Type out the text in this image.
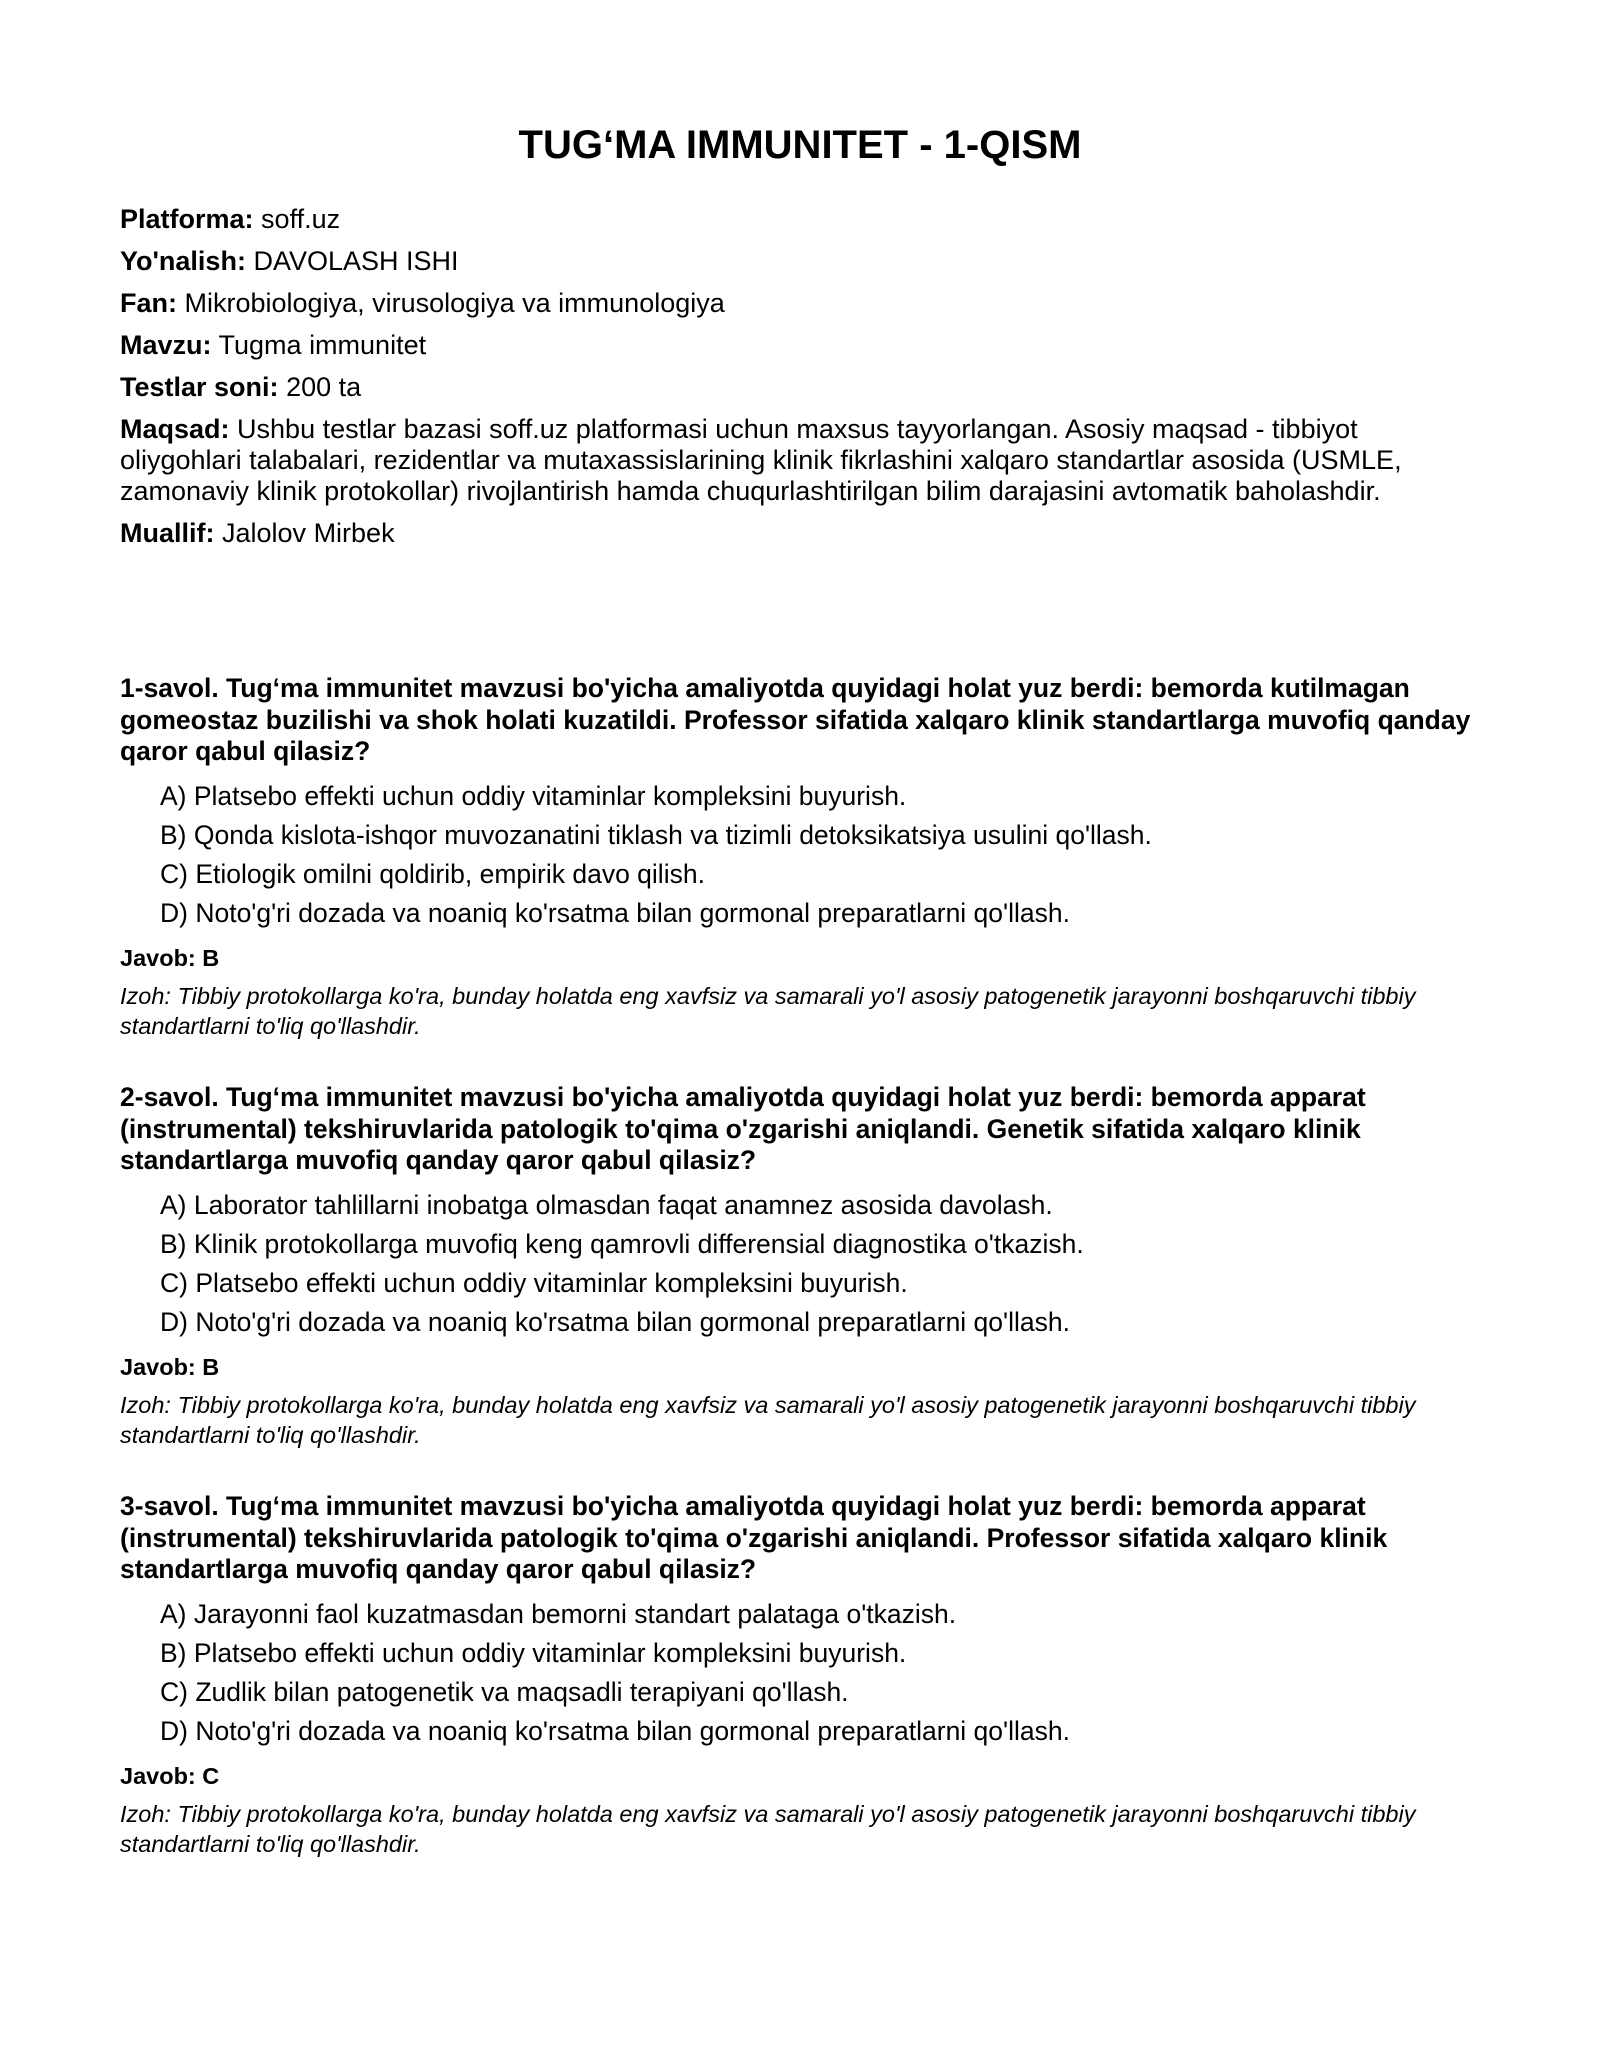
TUG‘MA IMMUNITET - 1-QISM

Platforma: soff.uz

Yo'nalish: DAVOLASH ISHI

Fan: Mikrobiologiya, virusologiya va immunologiya

Mavzu: Tugma immunitet

Testlar soni: 200 ta

Maqsad: Ushbu testlar bazasi soff.uz platformasi uchun maxsus tayyorlangan. Asosiy maqsad - tibbiyot oliygohlari talabalari, rezidentlar va mutaxassislarining klinik fikrlashini xalqaro standartlar asosida (USMLE, zamonaviy klinik protokollar) rivojlantirish hamda chuqurlashtirilgan bilim darajasini avtomatik baholashdir.

Muallif: Jalolov Mirbek

1-savol. Tug‘ma immunitet mavzusi bo'yicha amaliyotda quyidagi holat yuz berdi: bemorda kutilmagan gomeostaz buzilishi va shok holati kuzatildi. Professor sifatida xalqaro klinik standartlarga muvofiq qanday qaror qabul qilasiz?

A) Platsebo effekti uchun oddiy vitaminlar kompleksini buyurish.
B) Qonda kislota-ishqor muvozanatini tiklash va tizimli detoksikatsiya usulini qo'llash.
C) Etiologik omilni qoldirib, empirik davo qilish.
D) Noto'g'ri dozada va noaniq ko'rsatma bilan gormonal preparatlarni qo'llash.

Javob: B

Izoh: Tibbiy protokollarga ko'ra, bunday holatda eng xavfsiz va samarali yo'l asosiy patogenetik jarayonni boshqaruvchi tibbiy standartlarni to'liq qo'llashdir.

2-savol. Tug‘ma immunitet mavzusi bo'yicha amaliyotda quyidagi holat yuz berdi: bemorda apparat (instrumental) tekshiruvlarida patologik to'qima o'zgarishi aniqlandi. Genetik sifatida xalqaro klinik standartlarga muvofiq qanday qaror qabul qilasiz?

A) Laborator tahlillarni inobatga olmasdan faqat anamnez asosida davolash.
B) Klinik protokollarga muvofiq keng qamrovli differensial diagnostika o'tkazish.
C) Platsebo effekti uchun oddiy vitaminlar kompleksini buyurish.
D) Noto'g'ri dozada va noaniq ko'rsatma bilan gormonal preparatlarni qo'llash.

Javob: B

Izoh: Tibbiy protokollarga ko'ra, bunday holatda eng xavfsiz va samarali yo'l asosiy patogenetik jarayonni boshqaruvchi tibbiy standartlarni to'liq qo'llashdir.

3-savol. Tug‘ma immunitet mavzusi bo'yicha amaliyotda quyidagi holat yuz berdi: bemorda apparat (instrumental) tekshiruvlarida patologik to'qima o'zgarishi aniqlandi. Professor sifatida xalqaro klinik standartlarga muvofiq qanday qaror qabul qilasiz?

A) Jarayonni faol kuzatmasdan bemorni standart palataga o'tkazish.
B) Platsebo effekti uchun oddiy vitaminlar kompleksini buyurish.
C) Zudlik bilan patogenetik va maqsadli terapiyani qo'llash.
D) Noto'g'ri dozada va noaniq ko'rsatma bilan gormonal preparatlarni qo'llash.

Javob: C

Izoh: Tibbiy protokollarga ko'ra, bunday holatda eng xavfsiz va samarali yo'l asosiy patogenetik jarayonni boshqaruvchi tibbiy standartlarni to'liq qo'llashdir.
